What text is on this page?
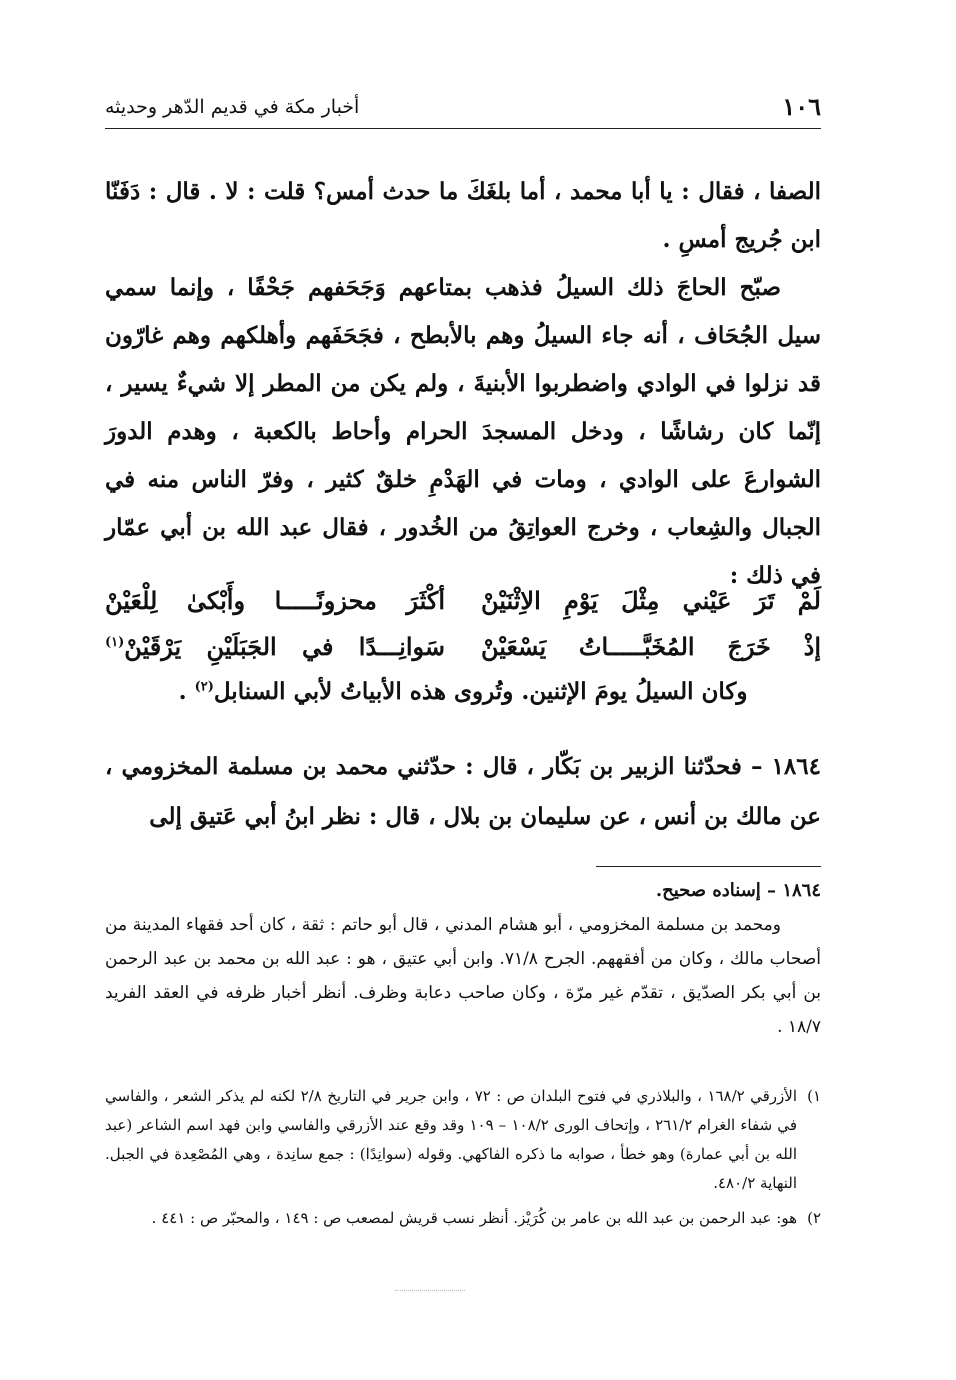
١٠٦
أخبار مكة في قديم الدّهر وحديثه

الصفا ، فقال : يا أبا محمد ، أما بلغَكَ ما حدث أمس؟ قلت : لا . قال : دَفَنّا ابن جُريج أمسِ .

صبّح الحاجَ ذلك السيلُ فذهب بمتاعهم وَجَحَفهم جَحْفًا ، وإنما سمي سيل الجُحَاف ، أنه جاء السيلُ وهم بالأبطح ، فجَحَفَهم وأهلكهم وهم غارّون قد نزلوا في الوادي واضطربوا الأبنيةَ ، ولم يكن من المطر إلا شيءٌ يسير ، إنّما كان رشاشًا ، ودخل المسجدَ الحرام وأحاط بالكعبة ، وهدم الدورَ الشوارعَ على الوادي ، ومات في الهَدْمِ خلقٌ كثير ، وفرّ الناس منه في الجبال والشِعاب ، وخرج العواتِقُ من الخُدور ، فقال عبد الله بن أبي عمّار في ذلك :

لَمْ تَرَ عَيْني مِثْلَ يَوْمِ الاِثْنَيْنْ
أكْثَرَ محزونًـــــا وأَبْكىٰ لِلْعَيْنْ
إذْ خَرَجَ المُخَبَّـــــاتُ يَسْعَيْنْ
سَوانِـــدًا في الجَبَلَيْنِ يَرْقَيْنْ$^{(١)}$
وكان السيلُ يومَ الإثنين. وتُروى هذه الأبياتُ لأبي السنابل$^{(٢)}$ .

١٨٦٤ – فحدّثنا الزبير بن بَكّار ، قال : حدّثني محمد بن مسلمة المخزومي ، عن مالك بن أنس ، عن سليمان بن بلال ، قال : نظر ابنُ أبي عَتيق إلى

١٨٦٤ – إسناده صحيح.

ومحمد بن مسلمة المخزومي ، أبو هشام المدني ، قال أبو حاتم : ثقة ، كان أحد فقهاء المدينة من أصحاب مالك ، وكان من أفقههم. الجرح ٧١/٨. وابن أبي عتيق ، هو : عبد الله بن محمد بن عبد الرحمن بن أبي بكر الصدّيق ، تقدّم غير مرّة ، وكان صاحب دعابة وظرف. أنظر أخبار ظرفه في العقد الفريد ١٨/٧ .

١)
الأزرقي ١٦٨/٢ ، والبلاذري في فتوح البلدان ص : ٧٢ ، وابن جرير في التاريخ ٢/٨ لكنه لم يذكر الشعر ، والفاسي في شفاء الغرام ٢٦١/٢ ، وإتحاف الورى ١٠٨/٢ – ١٠٩ وقد وقع عند الأزرقي والفاسي وابن فهد اسم الشاعر (عبد الله بن أبي عمارة) وهو خطأ ، صوابه ما ذكره الفاكهي. وقوله (سوانِدًا) : جمع سانِدة ، وهي المُصْعِدة في الجبل. النهاية ٤٨٠/٢.

٢)
هو: عبد الرحمن بن عبد الله بن عامر بن كُرَيْز. أنظر نسب قريش لمصعب ص : ١٤٩ ، والمحبّر ص : ٤٤١ .
